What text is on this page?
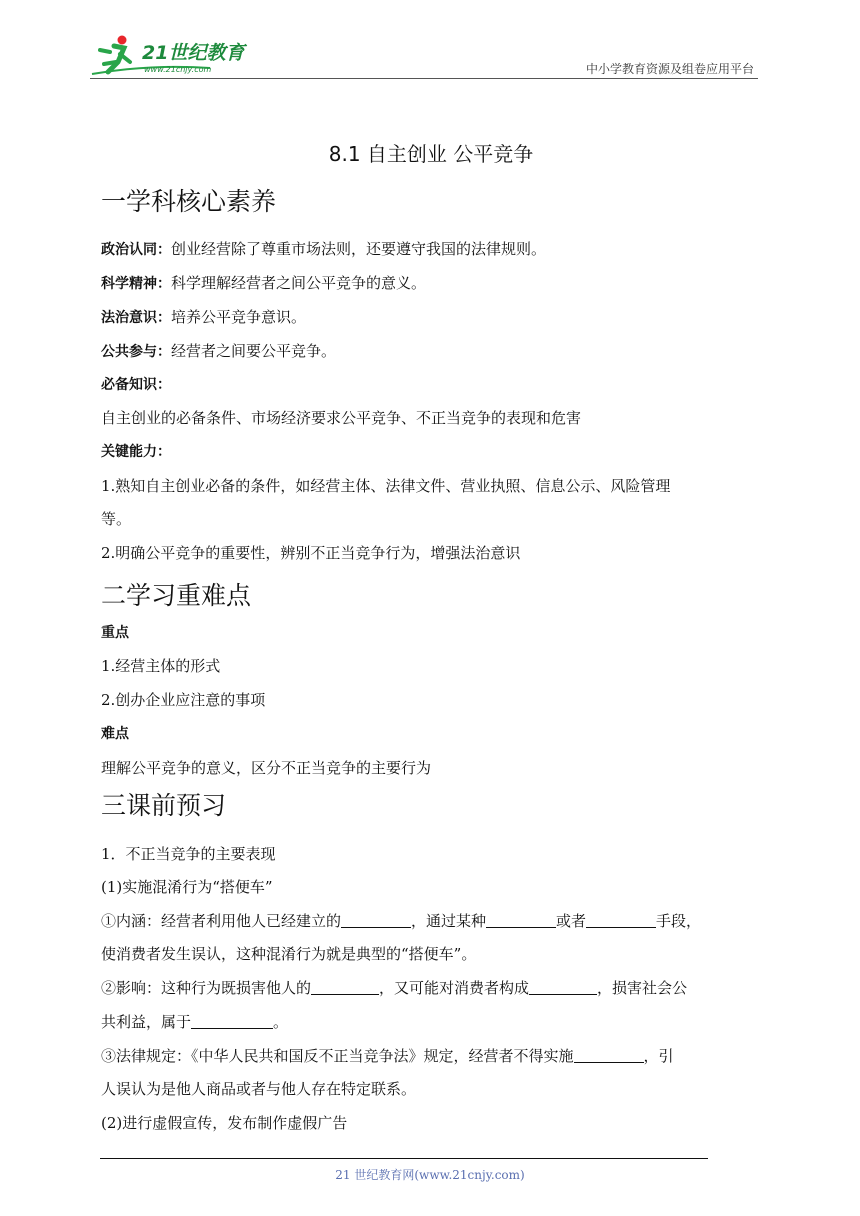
21世纪教育
www.21cnjy.com	中小学教育资源及组卷应用平台
8.1 自主创业 公平竞争
一学科核心素养
政治认同：创业经营除了尊重市场法则，还要遵守我国的法律规则。
科学精神：科学理解经营者之间公平竞争的意义。
法治意识：培养公平竞争意识。
公共参与：经营者之间要公平竞争。
必备知识：
自主创业的必备条件、市场经济要求公平竞争、不正当竞争的表现和危害
关键能力：
1.熟知自主创业必备的条件，如经营主体、法律文件、营业执照、信息公示、风险管理
等。
2.明确公平竞争的重要性，辨别不正当竞争行为，增强法治意识
二学习重难点
重点
1.经营主体的形式
2.创办企业应注意的事项
难点
理解公平竞争的意义，区分不正当竞争的主要行为
三课前预习
1．不正当竞争的主要表现
(1)实施混淆行为“搭便车”
①内涵：经营者利用他人已经建立的	，通过某种	或者	手段，
使消费者发生误认，这种混淆行为就是典型的“搭便车”。
②影响：这种行为既损害他人的	，又可能对消费者构成	，损害社会公
共利益，属于	。
③法律规定：《中华人民共和国反不正当竞争法》规定，经营者不得实施	，引
人误认为是他人商品或者与他人存在特定联系。
(2)进行虚假宣传，发布制作虚假广告
21 世纪教育网(www.21cnjy.com)
